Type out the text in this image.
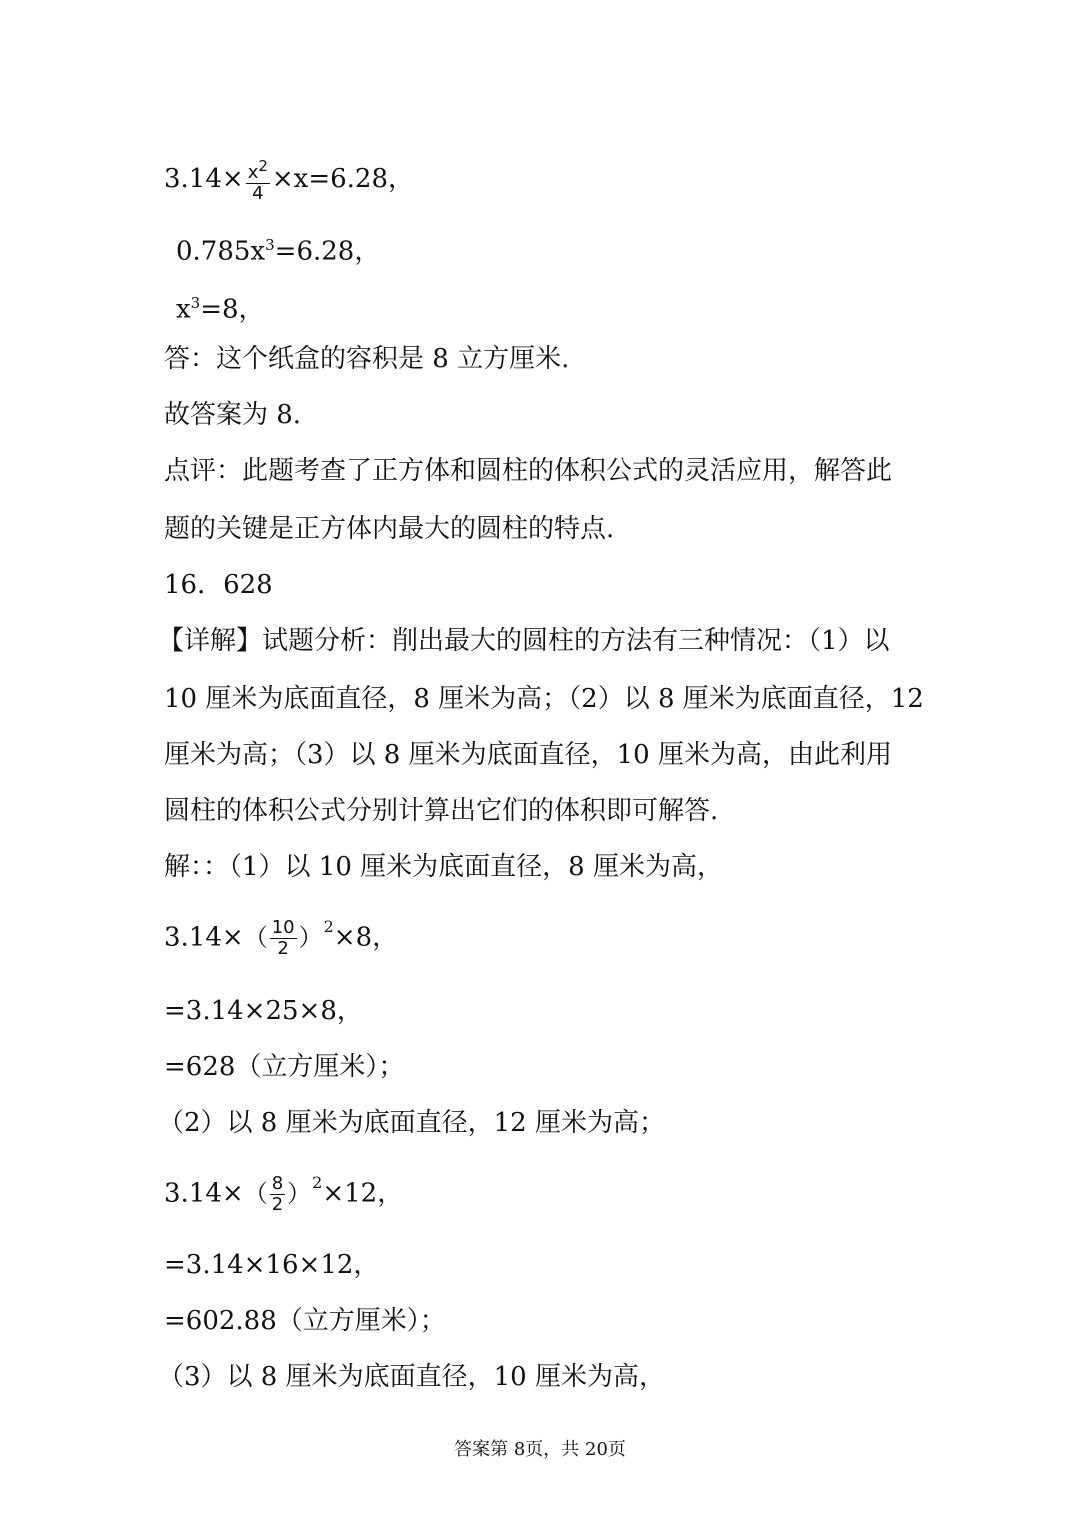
$3.14\times \frac{x^2}{4} \times x=6.28$，
$0.785x^3=6.28$，
$x^3=8$，
答：这个纸盒的容积是 8 立方厘米.
故答案为 8.
点评：此题考查了正方体和圆柱的体积公式的灵活应用，解答此
题的关键是正方体内最大的圆柱的特点.
16．628
【详解】试题分析：削出最大的圆柱的方法有三种情况：（1）以
10 厘米为底面直径，8 厘米为高；（2）以 8 厘米为底面直径，12
厘米为高；（3）以 8 厘米为底面直径，10 厘米为高，由此利用
圆柱的体积公式分别计算出它们的体积即可解答.
解：：（1）以 10 厘米为底面直径，8 厘米为高，
$3.14\times( \frac{10}{2} )^2\times 8$，
=3.14×25×8，
=628（立方厘米）；
（2）以 8 厘米为底面直径，12 厘米为高；
$3.14\times( \frac{8}{2} )^2\times 12$，
=3.14×16×12，
=602.88（立方厘米）；
（3）以 8 厘米为底面直径，10 厘米为高，
答案第 8页，共 20页
